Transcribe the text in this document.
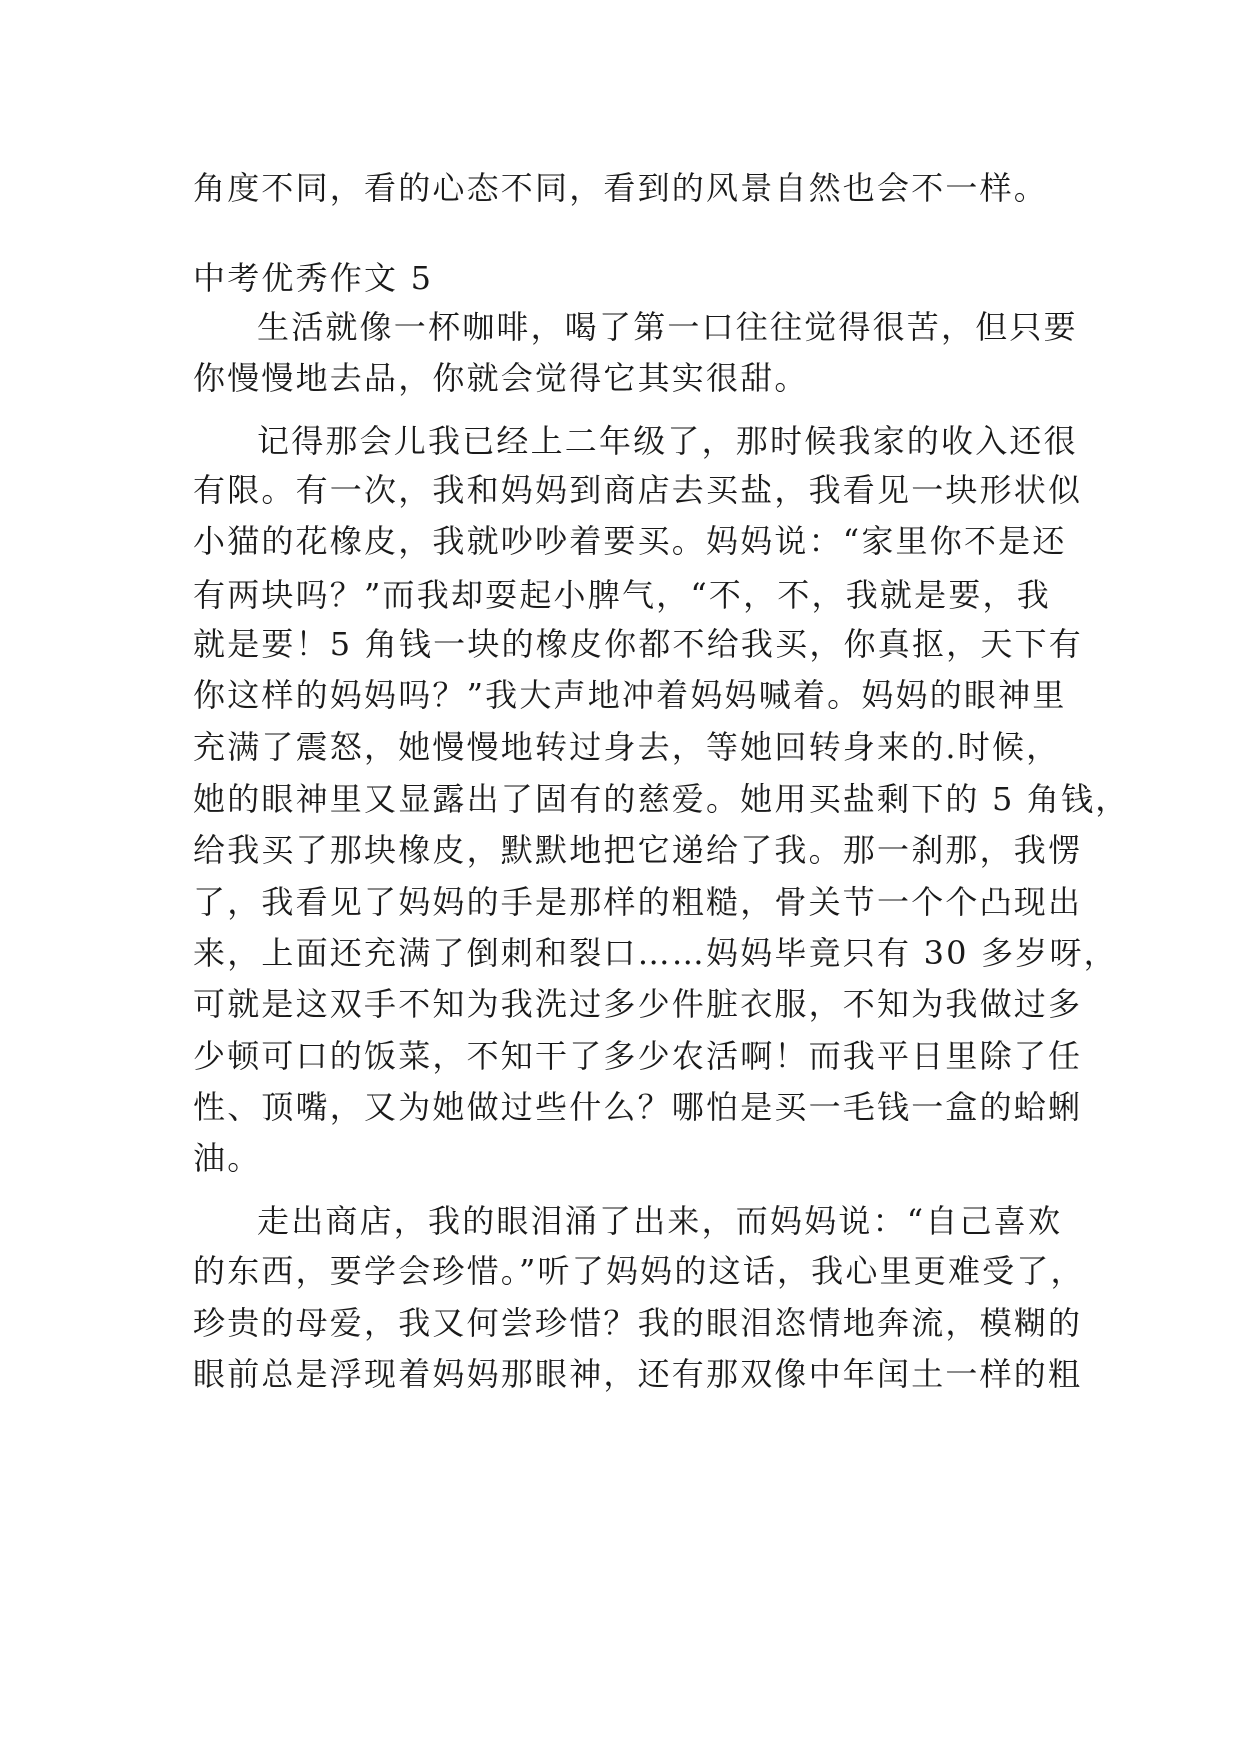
角度不同，看的心态不同，看到的风景自然也会不一样。
中考优秀作文 5
生活就像一杯咖啡，喝了第一口往往觉得很苦，但只要
你慢慢地去品，你就会觉得它其实很甜。
记得那会儿我已经上二年级了，那时候我家的收入还很
有限。有一次，我和妈妈到商店去买盐，我看见一块形状似
小猫的花橡皮，我就吵吵着要买。妈妈说：“家里你不是还
有两块吗？”而我却耍起小脾气，“不，不，我就是要，我
就是要！5 角钱一块的橡皮你都不给我买，你真抠，天下有
你这样的妈妈吗？”我大声地冲着妈妈喊着。妈妈的眼神里
充满了震怒，她慢慢地转过身去，等她回转身来的.时候，
她的眼神里又显露出了固有的慈爱。她用买盐剩下的 5 角钱，
给我买了那块橡皮，默默地把它递给了我。那一刹那，我愣
了，我看见了妈妈的手是那样的粗糙，骨关节一个个凸现出
来，上面还充满了倒刺和裂口……妈妈毕竟只有 30 多岁呀，
可就是这双手不知为我洗过多少件脏衣服，不知为我做过多
少顿可口的饭菜，不知干了多少农活啊！而我平日里除了任
性、顶嘴，又为她做过些什么？哪怕是买一毛钱一盒的蛤蜊
油。
走出商店，我的眼泪涌了出来，而妈妈说：“自己喜欢
的东西，要学会珍惜。”听了妈妈的这话，我心里更难受了，
珍贵的母爱，我又何尝珍惜？我的眼泪恣情地奔流，模糊的
眼前总是浮现着妈妈那眼神，还有那双像中年闰土一样的粗
